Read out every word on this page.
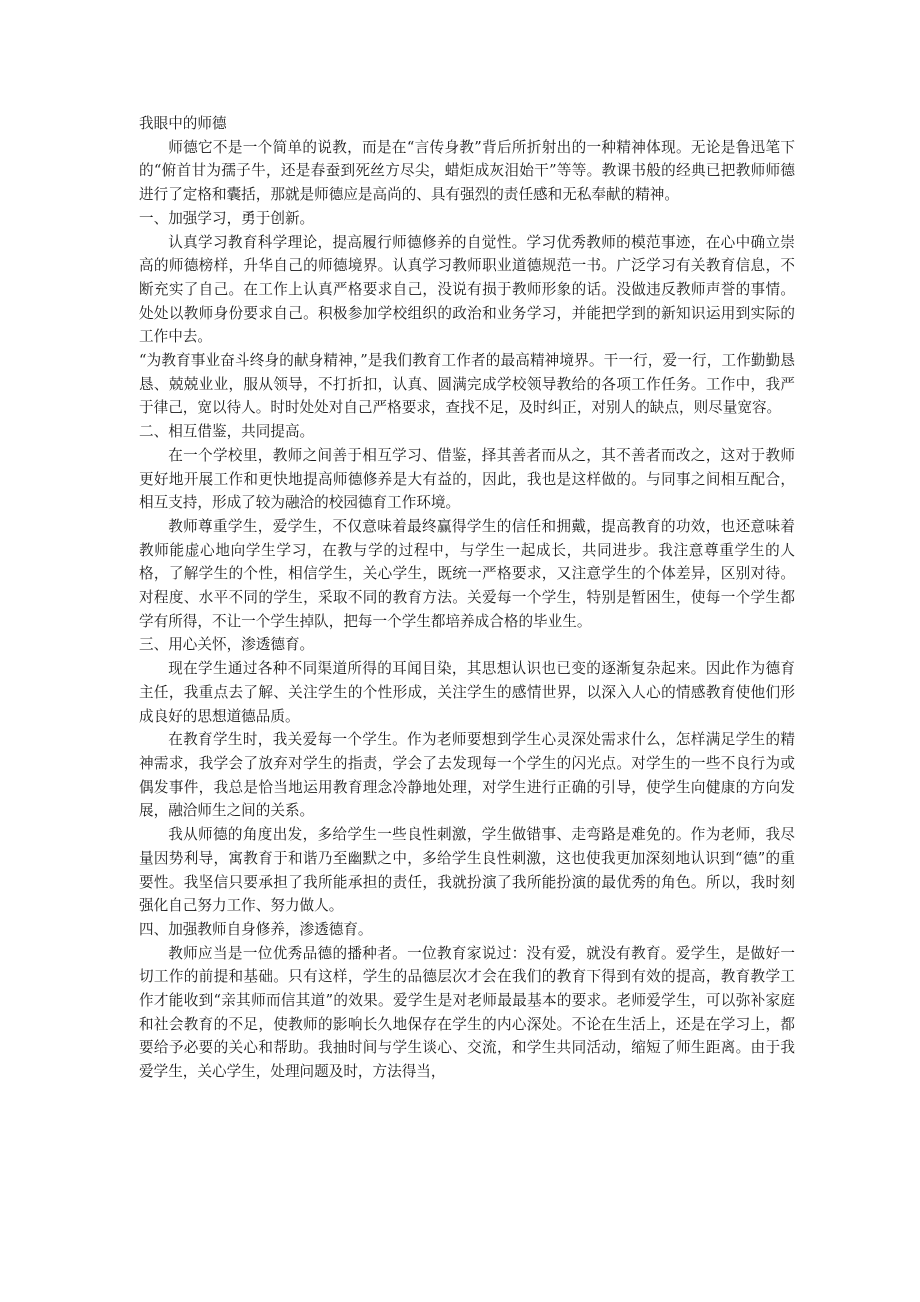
我眼中的师德

师德它不是一个简单的说教，而是在“言传身教”背后所折射出的一种精神体现。无论是鲁迅笔下的“俯首甘为孺子牛，还是春蚕到死丝方尽尖，蜡炬成灰泪始干”等等。教课书般的经典已把教师师德进行了定格和囊括，那就是师德应是高尚的、具有强烈的责任感和无私奉献的精神。

一、加强学习，勇于创新。

认真学习教育科学理论，提高履行师德修养的自觉性。学习优秀教师的模范事迹，在心中确立崇高的师德榜样，升华自己的师德境界。认真学习教师职业道德规范一书。广泛学习有关教育信息，不断充实了自己。在工作上认真严格要求自己，没说有损于教师形象的话。没做违反教师声誉的事情。处处以教师身份要求自己。积极参加学校组织的政治和业务学习，并能把学到的新知识运用到实际的工作中去。

“为教育事业奋斗终身的献身精神，”是我们教育工作者的最高精神境界。干一行，爱一行，工作勤勤恳恳、兢兢业业，服从领导，不打折扣，认真、圆满完成学校领导教给的各项工作任务。工作中，我严于律己，宽以待人。时时处处对自己严格要求，查找不足，及时纠正，对别人的缺点，则尽量宽容。

二、相互借鉴，共同提高。

在一个学校里，教师之间善于相互学习、借鉴，择其善者而从之，其不善者而改之，这对于教师更好地开展工作和更快地提高师德修养是大有益的，因此，我也是这样做的。与同事之间相互配合，相互支持，形成了较为融洽的校园德育工作环境。

教师尊重学生，爱学生，不仅意味着最终赢得学生的信任和拥戴，提高教育的功效，也还意味着教师能虚心地向学生学习，在教与学的过程中，与学生一起成长，共同进步。我注意尊重学生的人格，了解学生的个性，相信学生，关心学生，既统一严格要求，又注意学生的个体差异，区别对待。对程度、水平不同的学生，采取不同的教育方法。关爱每一个学生，特别是暂困生，使每一个学生都学有所得，不让一个学生掉队，把每一个学生都培养成合格的毕业生。

三、用心关怀，渗透德育。

现在学生通过各种不同渠道所得的耳闻目染，其思想认识也已变的逐渐复杂起来。因此作为德育主任，我重点去了解、关注学生的个性形成，关注学生的感情世界，以深入人心的情感教育使他们形成良好的思想道德品质。

在教育学生时，我关爱每一个学生。作为老师要想到学生心灵深处需求什么，怎样满足学生的精神需求，我学会了放弃对学生的指责，学会了去发现每一个学生的闪光点。对学生的一些不良行为或偶发事件，我总是恰当地运用教育理念冷静地处理，对学生进行正确的引导，使学生向健康的方向发展，融洽师生之间的关系。

我从师德的角度出发，多给学生一些良性刺激，学生做错事、走弯路是难免的。作为老师，我尽量因势利导，寓教育于和谐乃至幽默之中，多给学生良性刺激，这也使我更加深刻地认识到“德”的重要性。我坚信只要承担了我所能承担的责任，我就扮演了我所能扮演的最优秀的角色。所以，我时刻强化自己努力工作、努力做人。

四、加强教师自身修养，渗透德育。

教师应当是一位优秀品德的播种者。一位教育家说过：没有爱，就没有教育。爱学生，是做好一切工作的前提和基础。只有这样，学生的品德层次才会在我们的教育下得到有效的提高，教育教学工作才能收到“亲其师而信其道”的效果。爱学生是对老师最最基本的要求。老师爱学生，可以弥补家庭和社会教育的不足，使教师的影响长久地保存在学生的内心深处。不论在生活上，还是在学习上，都要给予必要的关心和帮助。我抽时间与学生谈心、交流，和学生共同活动，缩短了师生距离。由于我爱学生，关心学生，处理问题及时，方法得当，
